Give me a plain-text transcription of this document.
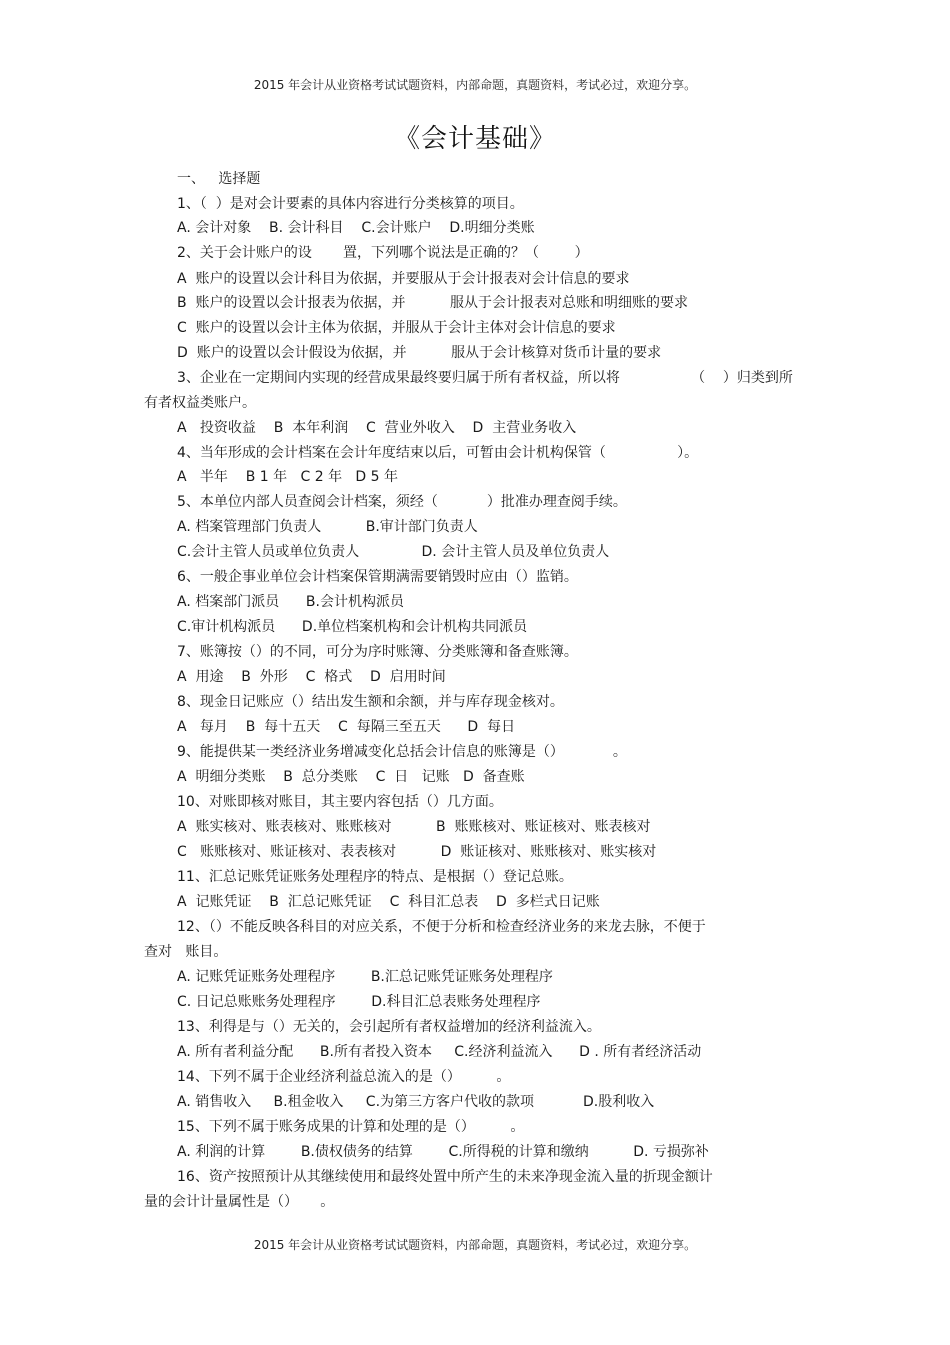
2015 年会计从业资格考试试题资料，内部命题，真题资料，考试必过，欢迎分享。
《会计基础》
一、   选择题
1、（  ）是对会计要素的具体内容进行分类核算的项目。
A. 会计对象    B. 会计科目    C.会计账户    D.明细分类账
2、关于会计账户的设       置，下列哪个说法是正确的？（        ）
A  账户的设置以会计科目为依据，并要服从于会计报表对会计信息的要求
B  账户的设置以会计报表为依据，并          服从于会计报表对总账和明细账的要求
C  账户的设置以会计主体为依据，并服从于会计主体对会计信息的要求
D  账户的设置以会计假设为依据，并          服从于会计核算对货币计量的要求
3、企业在一定期间内实现的经营成果最终要归属于所有者权益，所以将                （    ）归类到所
有者权益类账户。
A   投资收益    B  本年利润    C  营业外收入    D  主营业务收入
4、当年形成的会计档案在会计年度结束以后，可暂由会计机构保管（                ）。
A   半年    B 1 年   C 2 年   D 5 年
5、本单位内部人员查阅会计档案，须经（           ）批准办理查阅手续。
A. 档案管理部门负责人          B.审计部门负责人
C.会计主管人员或单位负责人              D. 会计主管人员及单位负责人
6、一般企事业单位会计档案保管期满需要销毁时应由（）监销。
A. 档案部门派员      B.会计机构派员
C.审计机构派员      D.单位档案机构和会计机构共同派员
7、账簿按（）的不同，可分为序时账簿、分类账簿和备查账簿。
A  用途    B  外形    C  格式    D  启用时间
8、现金日记账应（）结出发生额和余额，并与库存现金核对。
A   每月    B  每十五天    C  每隔三至五天      D  每日
9、能提供某一类经济业务增减变化总括会计信息的账簿是（）           。
A  明细分类账    B  总分类账    C  日   记账   D  备查账
10、对账即核对账目，其主要内容包括（）几方面。
A  账实核对、账表核对、账账核对          B  账账核对、账证核对、账表核对
C   账账核对、账证核对、表表核对          D  账证核对、账账核对、账实核对
11、汇总记账凭证账务处理程序的特点、是根据（）登记总账。
A  记账凭证    B  汇总记账凭证    C  科目汇总表    D  多栏式日记账
12、（）不能反映各科目的对应关系，不便于分析和检查经济业务的来龙去脉，不便于
查对   账目。
A. 记账凭证账务处理程序        B.汇总记账凭证账务处理程序
C. 日记总账账务处理程序        D.科目汇总表账务处理程序
13、利得是与（）无关的，会引起所有者权益增加的经济利益流入。
A. 所有者利益分配      B.所有者投入资本     C.经济利益流入      D . 所有者经济活动
14、下列不属于企业经济利益总流入的是（）        。
A. 销售收入     B.租金收入     C.为第三方客户代收的款项           D.股利收入
15、下列不属于账务成果的计算和处理的是（）        。
A. 利润的计算        B.债权债务的结算        C.所得税的计算和缴纳          D. 亏损弥补
16、资产按照预计从其继续使用和最终处置中所产生的未来净现金流入量的折现金额计
量的会计计量属性是（）     。
2015 年会计从业资格考试试题资料，内部命题，真题资料，考试必过，欢迎分享。
